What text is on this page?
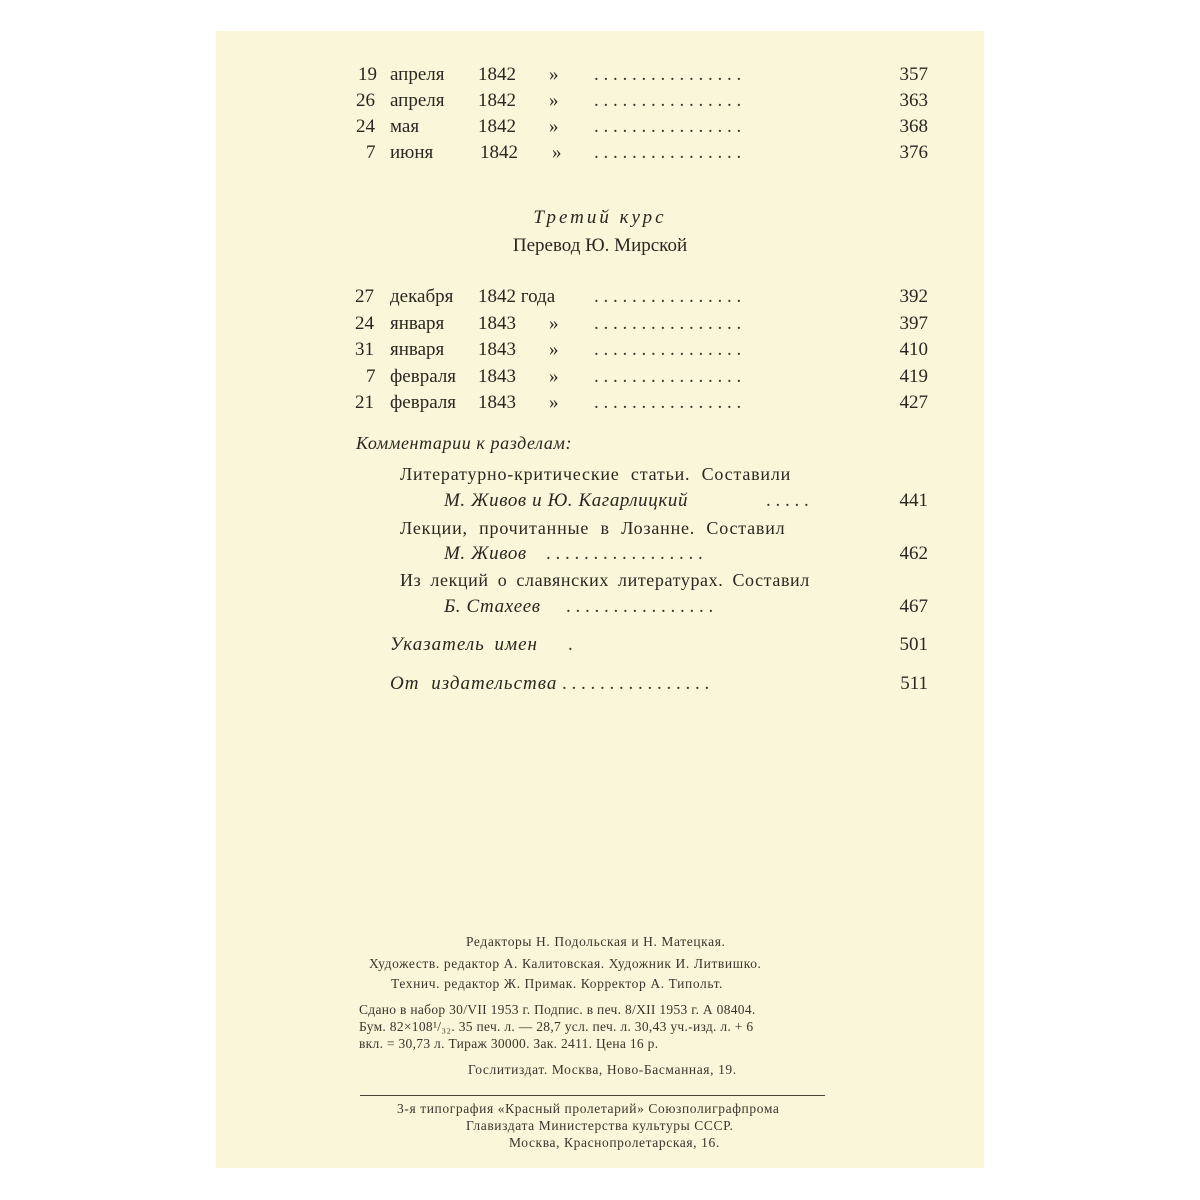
19 апреля 1842 » . . . . . . . . . . . . . . . .	357
26 апреля 1842 » . . . . . . . . . . . . . . . .	363
24 мая	1842 » . . . . . . . . . . . . . . . .	368
7 июня 1842 » . . . . . . . . . . . . . . . .	376
Третий курс
Перевод Ю. Мирской
27 декабря 1842 года . . . . . . . . . . . . . . . .	392
24 января 1843 » . . . . . . . . . . . . . . . .	397
31 января 1843 » . . . . . . . . . . . . . . . .	410
7 февраля 1843 » . . . . . . . . . . . . . . . .	419
21 февраля 1843 » . . . . . . . . . . . . . . . .	427
Комментарии к разделам:
Литературно-критические статьи. Составили
М. Живов и Ю. Кагарлицкий	. . . . .	441
Лекции, прочитанные в Лозанне. Составил
М. Живов . . . . . . . . . . . . . . . . .	462
Из лекций о славянских литературах. Составил
Б. Стахеев . . . . . . . . . . . . . . . .	467
Указатель имен .	501
От издательства . . . . . . . . . . . . . . . .	511
Редакторы Н. Подольская и Н. Матецкая.
Художеств. редактор А. Калитовская. Художник И. Литвишко.
Технич. редактор Ж. Примак. Корректор А. Типольт.
Сдано в набор 30/VII 1953 г. Подпис. в печ. 8/XII 1953 г. А 08404.
Бум. 82×108¹/₃₂. 35 печ. л. — 28,7 усл. печ. л. 30,43 уч.-изд. л. + 6
вкл. = 30,73 л. Тираж 30000. Зак. 2411. Цена 16 р.
Гослитиздат. Москва, Ново-Басманная, 19.
3-я типография «Красный пролетарий» Союзполиграфпрома
Главиздата Министерства культуры СССР.
Москва, Краснопролетарская, 16.
